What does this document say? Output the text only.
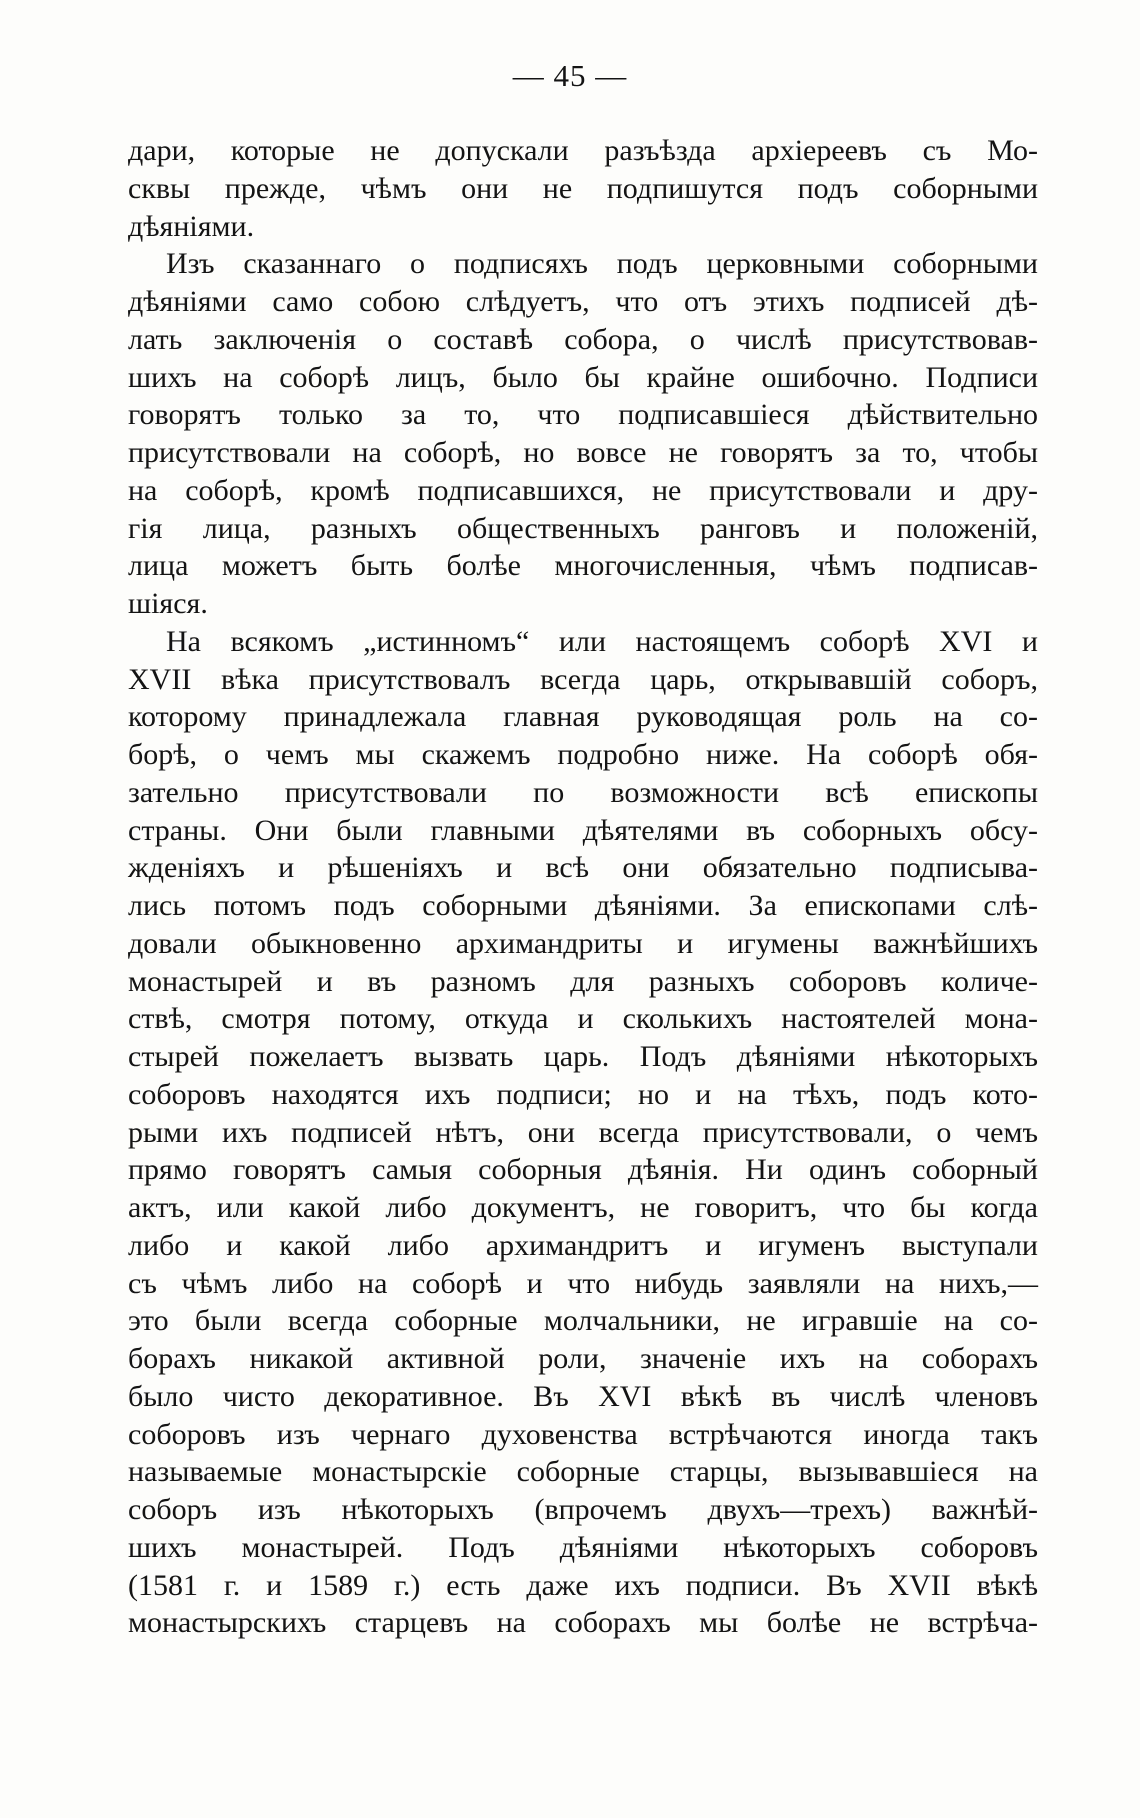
— 45 —
дари, которые не допускали разъѣзда архіереевъ съ Мо-
сквы прежде, чѣмъ они не подпишутся подъ соборными
дѣяніями.
Изъ сказаннаго о подписяхъ подъ церковными соборными
дѣяніями само собою слѣдуетъ, что отъ этихъ подписей дѣ-
лать заключенія о составѣ собора, о числѣ присутствовав-
шихъ на соборѣ лицъ, было бы крайне ошибочно. Подписи
говорятъ только за то, что подписавшіеся дѣйствительно
присутствовали на соборѣ, но вовсе не говорятъ за то, чтобы
на соборѣ, кромѣ подписавшихся, не присутствовали и дру-
гія лица, разныхъ общественныхъ ранговъ и положеній,
лица можетъ быть болѣе многочисленныя, чѣмъ подписав-
шіяся.
На всякомъ „истинномъ“ или настоящемъ соборѣ XVI и
XVII вѣка присутствовалъ всегда царь, открывавшій соборъ,
которому принадлежала главная руководящая роль на со-
борѣ, о чемъ мы скажемъ подробно ниже. На соборѣ обя-
зательно присутствовали по возможности всѣ епископы
страны. Они были главными дѣятелями въ соборныхъ обсу-
жденіяхъ и рѣшеніяхъ и всѣ они обязательно подписыва-
лись потомъ подъ соборными дѣяніями. За епископами слѣ-
довали обыкновенно архимандриты и игумены важнѣйшихъ
монастырей и въ разномъ для разныхъ соборовъ количе-
ствѣ, смотря потому, откуда и сколькихъ настоятелей мона-
стырей пожелаетъ вызвать царь. Подъ дѣяніями нѣкоторыхъ
соборовъ находятся ихъ подписи; но и на тѣхъ, подъ кото-
рыми ихъ подписей нѣтъ, они всегда присутствовали, о чемъ
прямо говорятъ самыя соборныя дѣянія. Ни одинъ соборный
актъ, или какой либо документъ, не говоритъ, что бы когда
либо и какой либо архимандритъ и игуменъ выступали
съ чѣмъ либо на соборѣ и что нибудь заявляли на нихъ,—
это были всегда соборные молчальники, не игравшіе на со-
борахъ никакой активной роли, значеніе ихъ на соборахъ
было чисто декоративное. Въ XVI вѣкѣ въ числѣ членовъ
соборовъ изъ чернаго духовенства встрѣчаются иногда такъ
называемые монастырскіе соборные старцы, вызывавшіеся на
соборъ изъ нѣкоторыхъ (впрочемъ двухъ—трехъ) важнѣй-
шихъ монастырей. Подъ дѣяніями нѣкоторыхъ соборовъ
(1581 г. и 1589 г.) есть даже ихъ подписи. Въ XVII вѣкѣ
монастырскихъ старцевъ на соборахъ мы болѣе не встрѣча-
